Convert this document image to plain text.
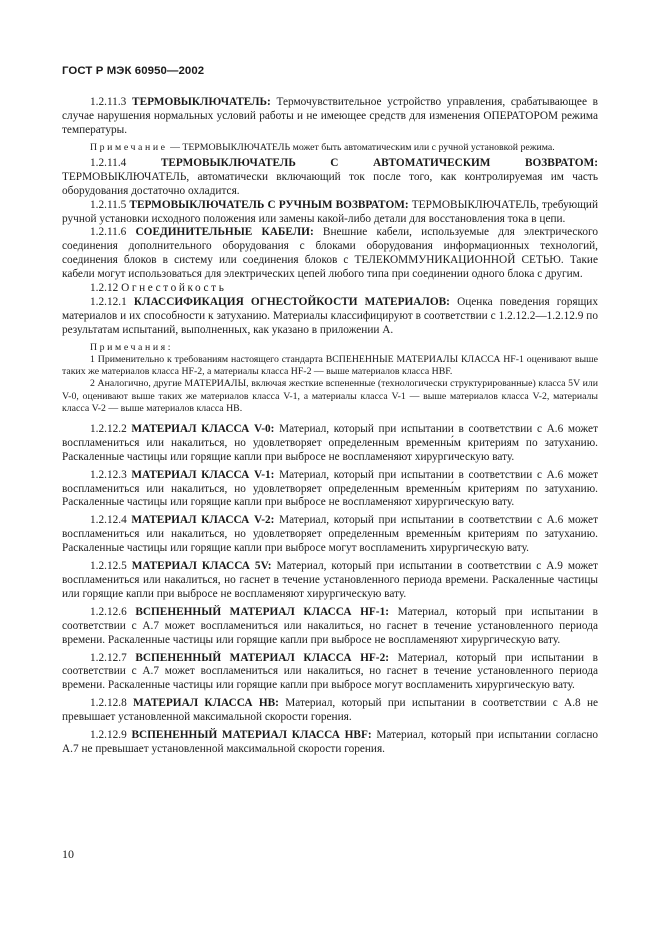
ГОСТ Р МЭК 60950—2002

1.2.11.3 ТЕРМОВЫКЛЮЧАТЕЛЬ: Термочувствительное устройство управления, срабатывающее в случае нарушения нормальных условий работы и не имеющее средств для изменения ОПЕРАТОРОМ режима температуры.

Примечание — ТЕРМОВЫКЛЮЧАТЕЛЬ может быть автоматическим или с ручной установкой режима.

1.2.11.4	ТЕРМОВЫКЛЮЧАТЕЛЬ С АВТОМАТИЧЕСКИМ ВОЗВРАТОМ: ТЕРМОВЫКЛЮЧАТЕЛЬ, автоматически включающий ток после того, как контролируемая им часть оборудования достаточно охладится.

1.2.11.5 ТЕРМОВЫКЛЮЧАТЕЛЬ С РУЧНЫМ ВОЗВРАТОМ: ТЕРМОВЫКЛЮЧАТЕЛЬ, требующий ручной установки исходного положения или замены какой-либо детали для восстановления тока в цепи.

1.2.11.6 СОЕДИНИТЕЛЬНЫЕ КАБЕЛИ: Внешние кабели, используемые для электрического соединения дополнительного оборудования с блоками оборудования информационных технологий, соединения блоков в систему или соединения блоков с ТЕЛЕКОММУНИКАЦИОННОЙ СЕТЬЮ. Такие кабели могут использоваться для электрических цепей любого типа при соединении одного блока с другим.

1.2.12 Огнестойкость

1.2.12.1 КЛАССИФИКАЦИЯ ОГНЕСТОЙКОСТИ МАТЕРИАЛОВ: Оценка поведения горящих материалов и их способности к затуханию. Материалы классифицируют в соответствии с 1.2.12.2—1.2.12.9 по результатам испытаний, выполненных, как указано в приложении А.

Примечания:

1 Применительно к требованиям настоящего стандарта ВСПЕНЕННЫЕ МАТЕРИАЛЫ КЛАССА HF-1 оценивают выше таких же материалов класса HF-2, а материалы класса HF-2 — выше материалов класса HBF.

2 Аналогично, другие МАТЕРИАЛЫ, включая жесткие вспененные (технологически структурированные) класса 5V или V-0, оценивают выше таких же материалов класса V-1, а материалы класса V-1 — выше материалов класса V-2, материалы класса V-2 — выше материалов класса HB.

1.2.12.2 МАТЕРИАЛ КЛАССА V-0: Материал, который при испытании в соответствии с А.6 может воспламениться или накалиться, но удовлетворяет определенным временны́м критериям по затуханию. Раскаленные частицы или горящие капли при выбросе не воспламеняют хирургическую вату.

1.2.12.3 МАТЕРИАЛ КЛАССА V-1: Материал, который при испытании в соответствии с А.6 может воспламениться или накалиться, но удовлетворяет определенным временны́м критериям по затуханию. Раскаленные частицы или горящие капли при выбросе не воспламеняют хирургическую вату.

1.2.12.4 МАТЕРИАЛ КЛАССА V-2: Материал, который при испытании в соответствии с А.6 может воспламениться или накалиться, но удовлетворяет определенным временны́м критериям по затуханию. Раскаленные частицы или горящие капли при выбросе могут воспламенить хирургическую вату.

1.2.12.5 МАТЕРИАЛ КЛАССА 5V: Материал, который при испытании в соответствии с А.9 может воспламениться или накалиться, но гаснет в течение установленного периода времени. Раскаленные частицы или горящие капли при выбросе не воспламеняют хирургическую вату.

1.2.12.6 ВСПЕНЕННЫЙ МАТЕРИАЛ КЛАССА HF-1: Материал, который при испытании в соответствии с А.7 может воспламениться или накалиться, но гаснет в течение установленного периода времени. Раскаленные частицы или горящие капли при выбросе не воспламеняют хирургическую вату.

1.2.12.7 ВСПЕНЕННЫЙ МАТЕРИАЛ КЛАССА HF-2: Материал, который при испытании в соответствии с А.7 может воспламениться или накалиться, но гаснет в течение установленного периода времени. Раскаленные частицы или горящие капли при выбросе могут воспламенить хирургическую вату.

1.2.12.8 МАТЕРИАЛ КЛАССА HB: Материал, который при испытании в соответствии с А.8 не превышает установленной максимальной скорости горения.

1.2.12.9 ВСПЕНЕННЫЙ МАТЕРИАЛ КЛАССА HBF: Материал, который при испытании согласно А.7 не превышает установленной максимальной скорости горения.

10
